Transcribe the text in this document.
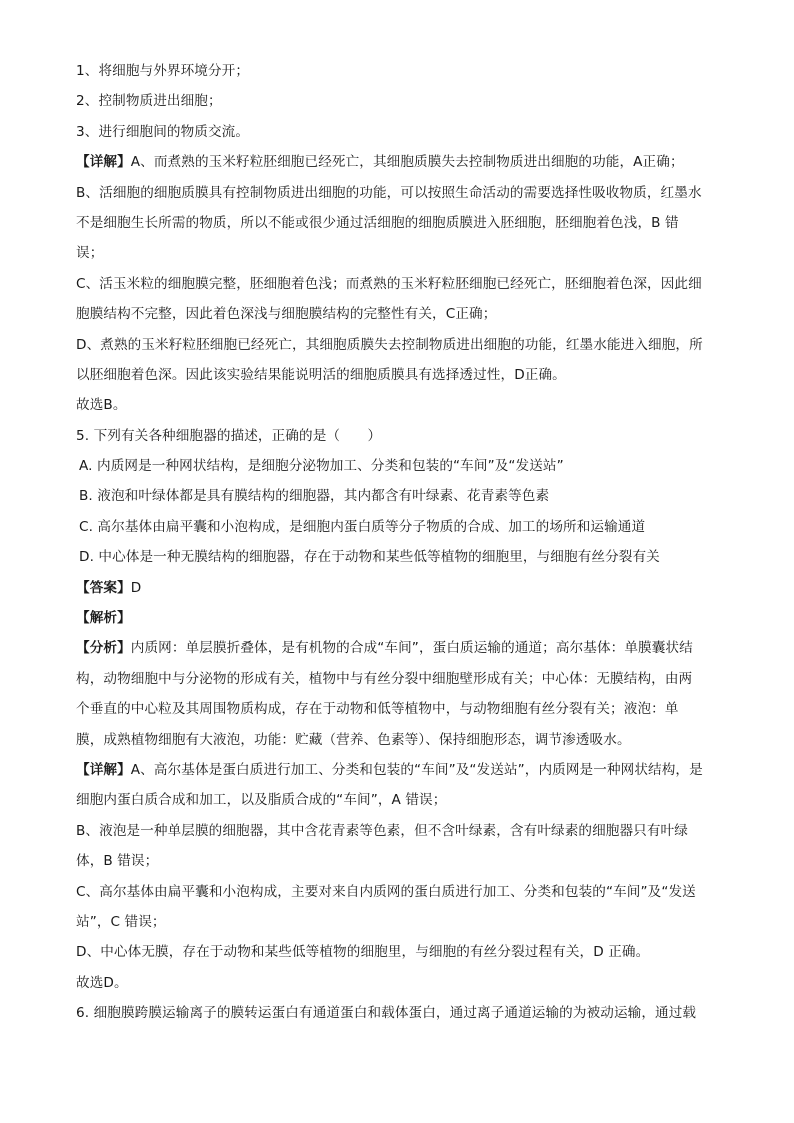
1、将细胞与外界环境分开；
2、控制物质进出细胞；
3、进行细胞间的物质交流。
【详解】A、而煮熟的玉米籽粒胚细胞已经死亡，其细胞质膜失去控制物质进出细胞的功能，A正确；
B、活细胞的细胞质膜具有控制物质进出细胞的功能，可以按照生命活动的需要选择性吸收物质，红墨水
不是细胞生长所需的物质，所以不能或很少通过活细胞的细胞质膜进入胚细胞，胚细胞着色浅，B 错
误；
C、活玉米粒的细胞膜完整，胚细胞着色浅；而煮熟的玉米籽粒胚细胞已经死亡，胚细胞着色深，因此细
胞膜结构不完整，因此着色深浅与细胞膜结构的完整性有关，C正确；
D、煮熟的玉米籽粒胚细胞已经死亡，其细胞质膜失去控制物质进出细胞的功能，红墨水能进入细胞，所
以胚细胞着色深。因此该实验结果能说明活的细胞质膜具有选择透过性，D正确。
故选B。
5. 下列有关各种细胞器的描述，正确的是（　　）
A. 内质网是一种网状结构，是细胞分泌物加工、分类和包装的“车间”及“发送站”
B. 液泡和叶绿体都是具有膜结构的细胞器，其内都含有叶绿素、花青素等色素
C. 高尔基体由扁平囊和小泡构成，是细胞内蛋白质等分子物质的合成、加工的场所和运输通道
D. 中心体是一种无膜结构的细胞器，存在于动物和某些低等植物的细胞里，与细胞有丝分裂有关
【答案】D
【解析】
【分析】内质网：单层膜折叠体，是有机物的合成“车间”，蛋白质运输的通道；高尔基体：单膜囊状结
构，动物细胞中与分泌物的形成有关，植物中与有丝分裂中细胞壁形成有关；中心体：无膜结构，由两
个垂直的中心粒及其周围物质构成，存在于动物和低等植物中，与动物细胞有丝分裂有关；液泡：单
膜，成熟植物细胞有大液泡，功能：贮藏（营养、色素等）、保持细胞形态，调节渗透吸水。
【详解】A、高尔基体是蛋白质进行加工、分类和包装的“车间”及“发送站”，内质网是一种网状结构，是
细胞内蛋白质合成和加工，以及脂质合成的“车间”，A 错误；
B、液泡是一种单层膜的细胞器，其中含花青素等色素，但不含叶绿素，含有叶绿素的细胞器只有叶绿
体，B 错误；
C、高尔基体由扁平囊和小泡构成，主要对来自内质网的蛋白质进行加工、分类和包装的“车间”及“发送
站”，C 错误；
D、中心体无膜，存在于动物和某些低等植物的细胞里，与细胞的有丝分裂过程有关，D 正确。
故选D。
6. 细胞膜跨膜运输离子的膜转运蛋白有通道蛋白和载体蛋白，通过离子通道运输的为被动运输，通过载
